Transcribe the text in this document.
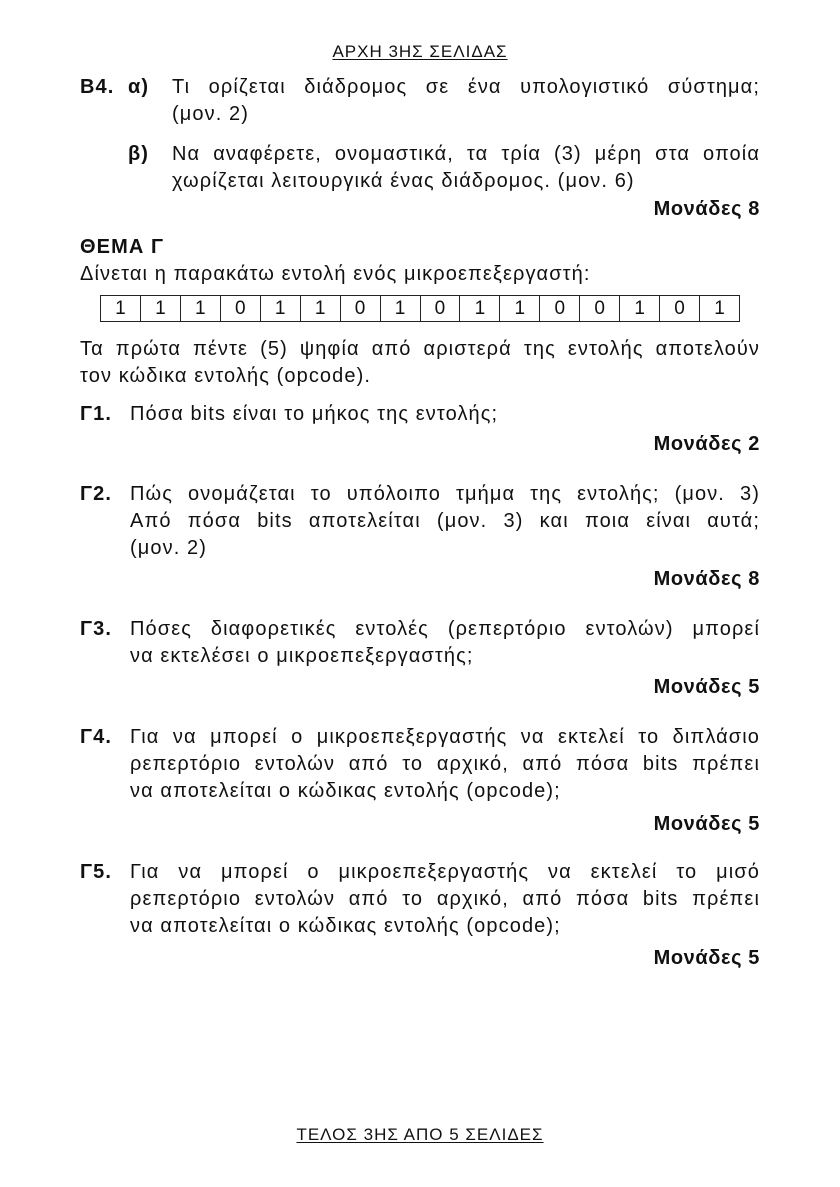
ΑΡΧΗ 3ΗΣ ΣΕΛΙΔΑΣ
Β4. α) Τι ορίζεται διάδρομος σε ένα υπολογιστικό σύστημα;
(μον. 2)
β) Να αναφέρετε, ονομαστικά, τα τρία (3) μέρη στα οποία
χωρίζεται λειτουργικά ένας διάδρομος. (μον. 6)
Μονάδες 8
ΘΕΜΑ Γ
Δίνεται η παρακάτω εντολή ενός μικροεπεξεργαστή:
1	1	1	0	1	1	0	1	0	1	1	0	0	1	0	1
Τα πρώτα πέντε (5) ψηφία από αριστερά της εντολής αποτελούν
τον κώδικα εντολής (opcode).
Γ1. Πόσα bits είναι το μήκος της εντολής;
Μονάδες 2
Γ2. Πώς ονομάζεται το υπόλοιπο τμήμα της εντολής; (μον. 3)
Από πόσα bits αποτελείται (μον. 3) και ποια είναι αυτά;
(μον. 2)
Μονάδες 8
Γ3. Πόσες διαφορετικές εντολές (ρεπερτόριο εντολών) μπορεί
να εκτελέσει ο μικροεπεξεργαστής;
Μονάδες 5
Γ4. Για να μπορεί ο μικροεπεξεργαστής να εκτελεί το διπλάσιο
ρεπερτόριο εντολών από το αρχικό, από πόσα bits πρέπει
να αποτελείται ο κώδικας εντολής (opcode);
Μονάδες 5
Γ5. Για να μπορεί ο μικροεπεξεργαστής να εκτελεί το μισό
ρεπερτόριο εντολών από το αρχικό, από πόσα bits πρέπει
να αποτελείται ο κώδικας εντολής (opcode);
Μονάδες 5
ΤΕΛΟΣ 3ΗΣ ΑΠΟ 5 ΣΕΛΙΔΕΣ
